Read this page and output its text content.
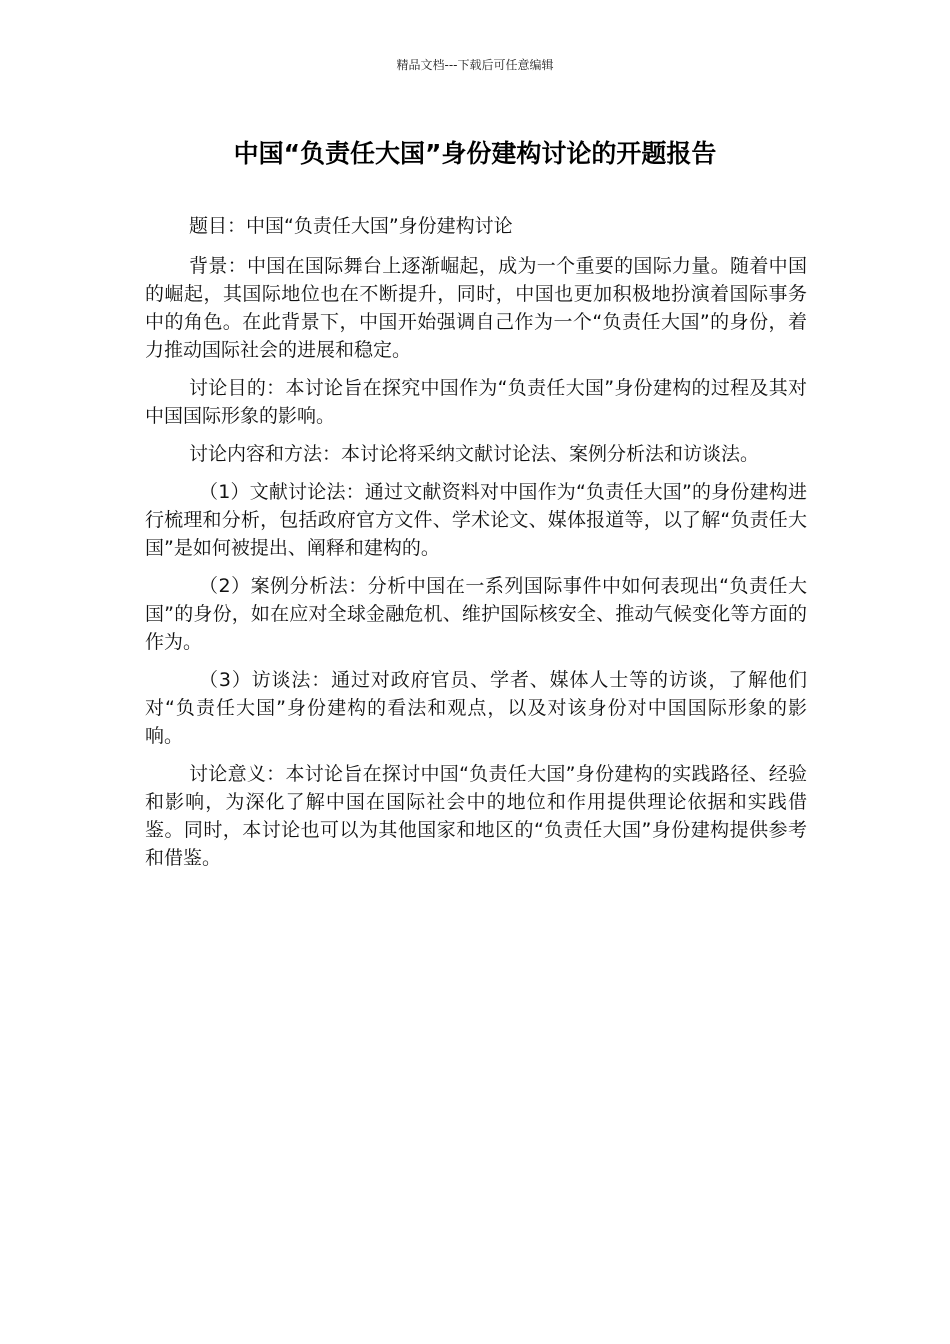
精品文档---下载后可任意编辑
中国“负责任大国”身份建构讨论的开题报告

题目：中国“负责任大国”身份建构讨论

背景：中国在国际舞台上逐渐崛起，成为一个重要的国际力量。随着中国的崛起，其国际地位也在不断提升，同时，中国也更加积极地扮演着国际事务中的角色。在此背景下，中国开始强调自己作为一个“负责任大国”的身份，着力推动国际社会的进展和稳定。

讨论目的：本讨论旨在探究中国作为“负责任大国”身份建构的过程及其对中国国际形象的影响。

讨论内容和方法：本讨论将采纳文献讨论法、案例分析法和访谈法。

（1）文献讨论法：通过文献资料对中国作为“负责任大国”的身份建构进行梳理和分析，包括政府官方文件、学术论文、媒体报道等，以了解“负责任大国”是如何被提出、阐释和建构的。

（2）案例分析法：分析中国在一系列国际事件中如何表现出“负责任大国”的身份，如在应对全球金融危机、维护国际核安全、推动气候变化等方面的作为。

（3）访谈法：通过对政府官员、学者、媒体人士等的访谈，了解他们对“负责任大国”身份建构的看法和观点，以及对该身份对中国国际形象的影响。

讨论意义：本讨论旨在探讨中国“负责任大国”身份建构的实践路径、经验和影响，为深化了解中国在国际社会中的地位和作用提供理论依据和实践借鉴。同时，本讨论也可以为其他国家和地区的“负责任大国”身份建构提供参考和借鉴。
